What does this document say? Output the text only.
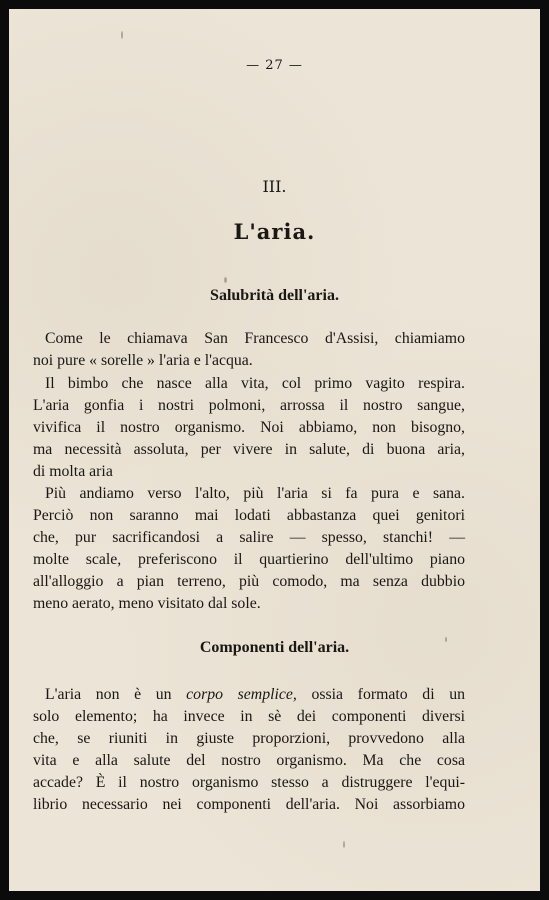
— 27 —
III.
L'aria.
Salubrità dell'aria.
Come le chiamava San Francesco d'Assisi, chiamiamo
noi pure « sorelle » l'aria e l'acqua.
Il bimbo che nasce alla vita, col primo vagito respira.
L'aria gonfia i nostri polmoni, arrossa il nostro sangue,
vivifica il nostro organismo. Noi abbiamo, non bisogno,
ma necessità assoluta, per vivere in salute, di buona aria,
di molta aria
Più andiamo verso l'alto, più l'aria si fa pura e sana.
Perciò non saranno mai lodati abbastanza quei genitori
che, pur sacrificandosi a salire — spesso, stanchi! —
molte scale, preferiscono il quartierino dell'ultimo piano
all'alloggio a pian terreno, più comodo, ma senza dubbio
meno aerato, meno visitato dal sole.
Componenti dell'aria.
L'aria non è un corpo semplice, ossia formato di un
solo elemento; ha invece in sè dei componenti diversi
che, se riuniti in giuste proporzioni, provvedono alla
vita e alla salute del nostro organismo. Ma che cosa
accade? È il nostro organismo stesso a distruggere l'equi-
librio necessario nei componenti dell'aria. Noi assorbiamo
